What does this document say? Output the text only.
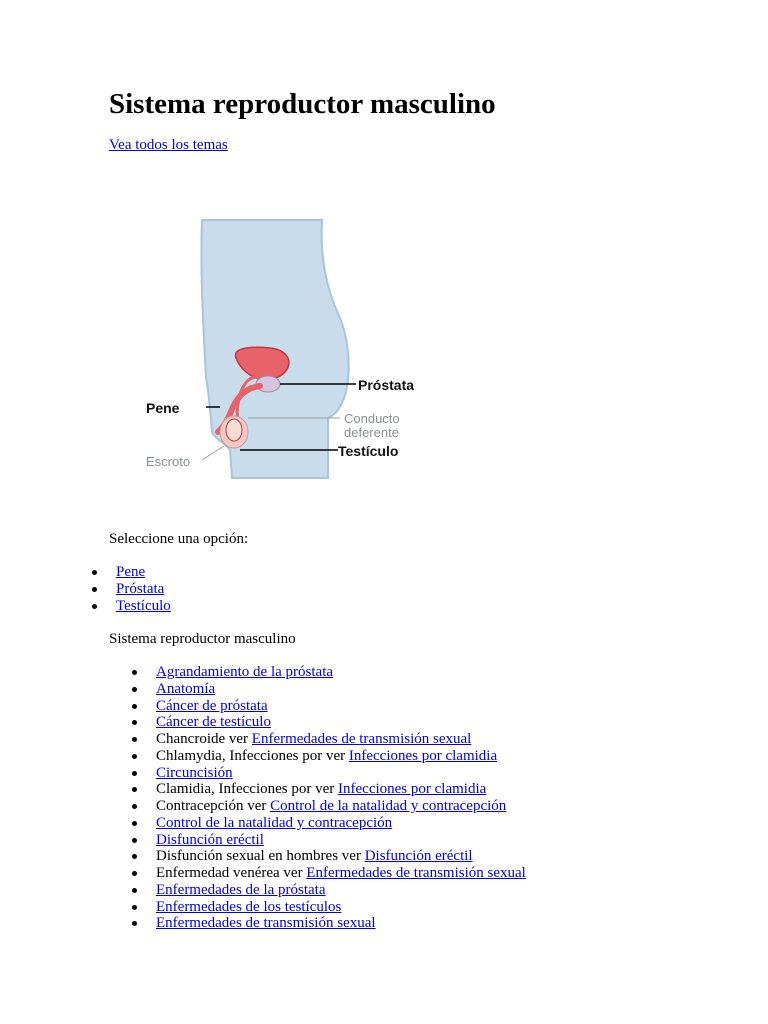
Sistema reproductor masculino
Vea todos los temas
Próstata
Pene
Conducto
deferente
Testículo
Escroto

Seleccione una opción:

Pene
Próstata
Testículo

Sistema reproductor masculino

Agrandamiento de la próstata
Anatomía
Cáncer de próstata
Cáncer de testículo
Chancroide ver Enfermedades de transmisión sexual
Chlamydia, Infecciones por ver Infecciones por clamidia
Circuncisión
Clamidia, Infecciones por ver Infecciones por clamidia
Contracepción ver Control de la natalidad y contracepción
Control de la natalidad y contracepción
Disfunción eréctil
Disfunción sexual en hombres ver Disfunción eréctil
Enfermedad venérea ver Enfermedades de transmisión sexual
Enfermedades de la próstata
Enfermedades de los testículos
Enfermedades de transmisión sexual
